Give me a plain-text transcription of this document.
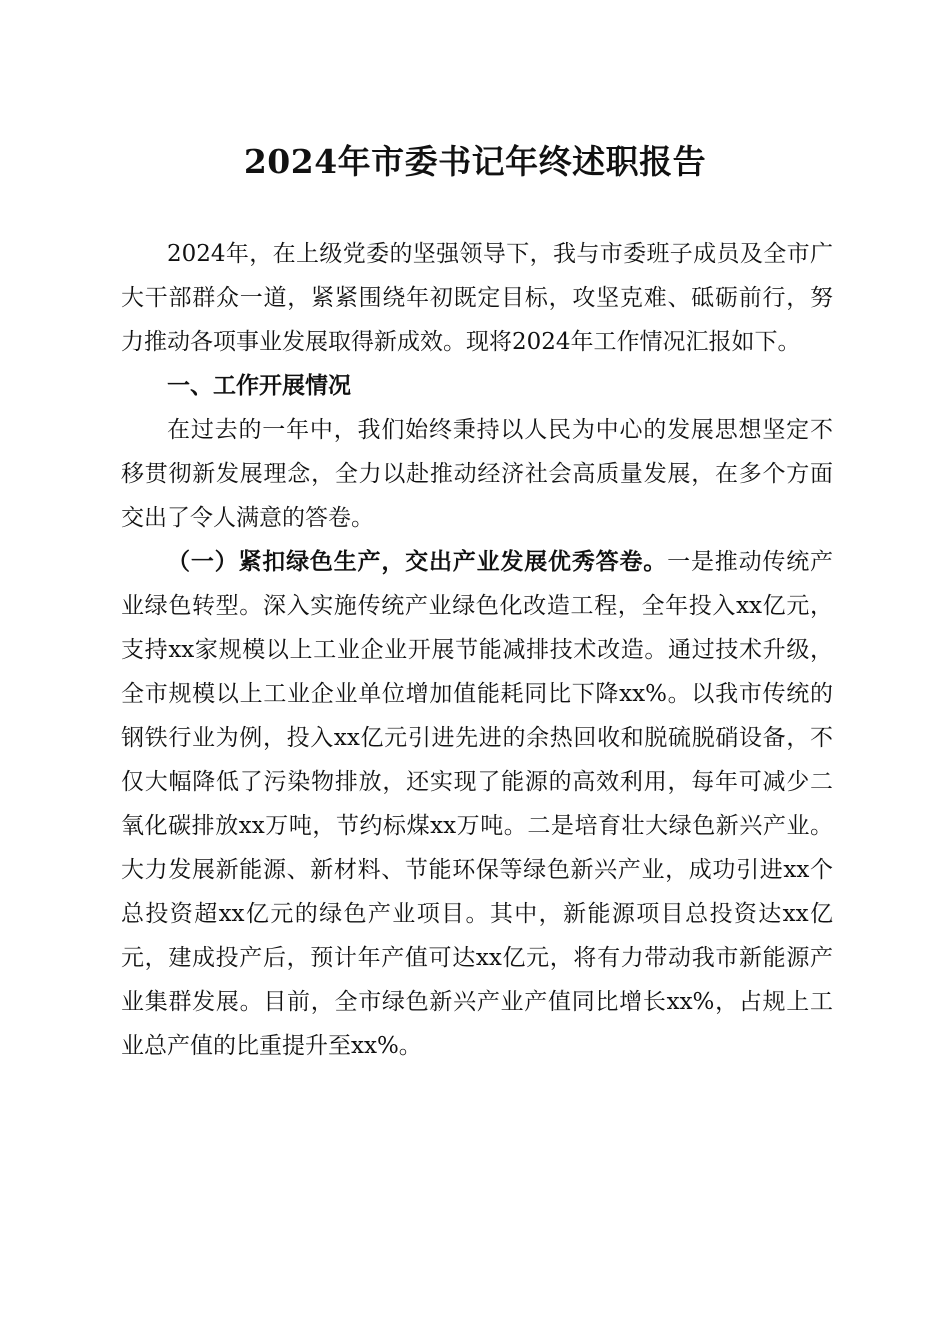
2024年市委书记年终述职报告

2024年，在上级党委的坚强领导下，我与市委班子成员及全市广大干部群众一道，紧紧围绕年初既定目标，攻坚克难、砥砺前行，努力推动各项事业发展取得新成效。现将2024年工作情况汇报如下。

一、工作开展情况

在过去的一年中，我们始终秉持以人民为中心的发展思想坚定不移贯彻新发展理念，全力以赴推动经济社会高质量发展，在多个方面交出了令人满意的答卷。

（一）紧扣绿色生产，交出产业发展优秀答卷。一是推动传统产业绿色转型。深入实施传统产业绿色化改造工程，全年投入xx亿元，支持xx家规模以上工业企业开展节能减排技术改造。通过技术升级，全市规模以上工业企业单位增加值能耗同比下降xx%。以我市传统的钢铁行业为例，投入xx亿元引进先进的余热回收和脱硫脱硝设备，不仅大幅降低了污染物排放，还实现了能源的高效利用，每年可减少二氧化碳排放xx万吨，节约标煤xx万吨。二是培育壮大绿色新兴产业。大力发展新能源、新材料、节能环保等绿色新兴产业，成功引进xx个总投资超xx亿元的绿色产业项目。其中，新能源项目总投资达xx亿元，建成投产后，预计年产值可达xx亿元，将有力带动我市新能源产业集群发展。目前，全市绿色新兴产业产值同比增长xx%，占规上工业总产值的比重提升至xx%。
